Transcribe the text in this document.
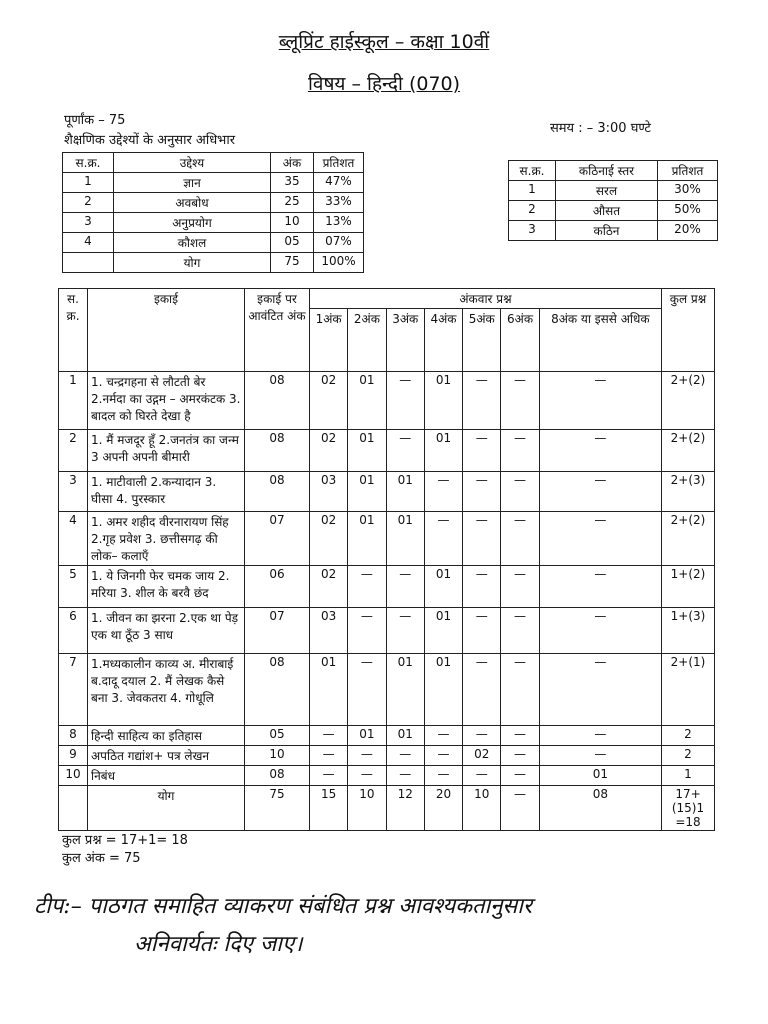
ब्लूप्रिंट हाईस्कूल – कक्षा 10वीं
विषय – हिन्दी (070)
पूर्णांक – 75
समय : – 3:00 घण्टे
शैक्षणिक उद्देश्यों के अनुसार अधिभार
स.क्र.	उद्देश्य	अंक	प्रतिशत
1	ज्ञान	35	47%
2	अवबोध	25	33%
3	अनुप्रयोग	10	13%
4	कौशल	05	07%
	योग	75	100%
स.क्र.	कठिनाई स्तर	प्रतिशत
1	सरल	30%
2	औसत	50%
3	कठिन	20%
स. क्र.	इकाई	इकाई पर आवंटित अंक	अंकवार प्रश्न							कुल प्रश्न
			1अंक	2अंक	3अंक	4अंक	5अंक	6अंक	8अंक या इससे अधिक	
1	1. चन्द्रगहना से लौटती बेर 2.नर्मदा का उद्गम – अमरकंटक 3. बादल को घिरते देखा है	08	02	01	—	01	—	—	—	2+(2)
2	1. मैं मजदूर हूँ 2.जनतंत्र का जन्म 3 अपनी अपनी बीमारी	08	02	01	—	01	—	—	—	2+(2)
3	1. माटीवाली 2.कन्यादान 3. घीसा 4. पुरस्कार	08	03	01	01	—	—	—	—	2+(3)
4	1. अमर शहीद वीरनारायण सिंह 2.गृह प्रवेश 3. छत्तीसगढ़ की लोक– कलाएँ	07	02	01	01	—	—	—	—	2+(2)
5	1. ये जिनगी फेर चमक जाय 2. मरिया 3. शील के बरवै छंद	06	02	—	—	01	—	—	—	1+(2)
6	1. जीवन का झरना 2.एक था पेड़ एक था ठूँठ 3 साध	07	03	—	—	01	—	—	—	1+(3)
7	1.मध्यकालीन काव्य अ. मीराबाई ब.दादू दयाल 2. मैं लेखक कैसे बना 3. जेवकतरा 4. गोधूलि	08	01	—	01	01	—	—	—	2+(1)
8	हिन्दी साहित्य का इतिहास	05	—	01	01	—	—	—	—	2
9	अपठित गद्यांश+ पत्र लेखन	10	—	—	—	—	02	—	—	2
10	निबंध	08	—	—	—	—	—	—	01	1
	योग	75	15	10	12	20	10	—	08	17+(15)1 =18
कुल प्रश्न = 17+1= 18
कुल अंक = 75
टीप:– पाठगत समाहित व्याकरण संबंधित प्रश्न आवश्यकतानुसार
अनिवार्यतः दिए जाए।
